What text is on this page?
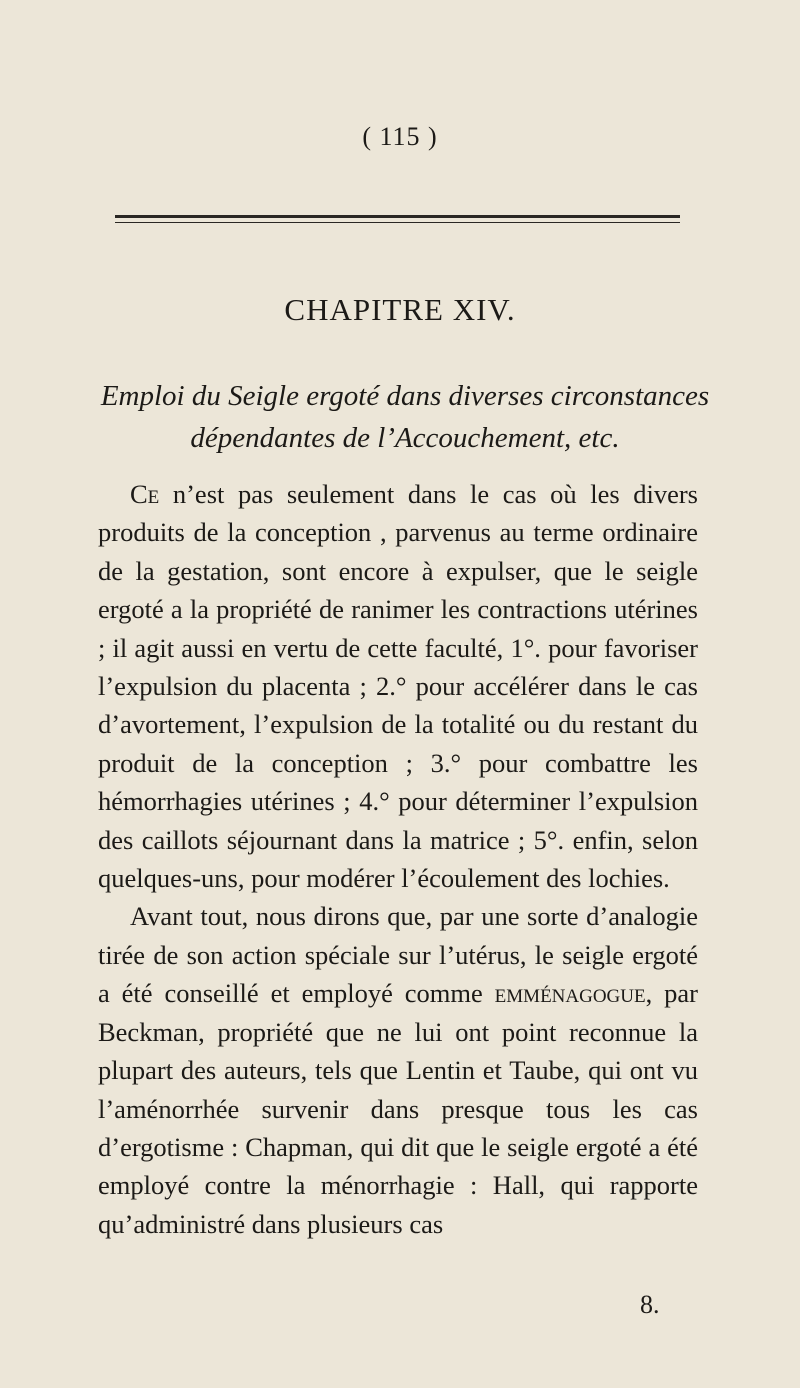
( 115 )
CHAPITRE XIV.
Emploi du Seigle ergoté dans diverses circonstances dépendantes de l’Accouchement, etc.

Ce n’est pas seulement dans le cas où les divers produits de la conception , parvenus au terme ordinaire de la gestation, sont encore à expulser, que le seigle ergoté a la propriété de ranimer les contractions utérines ; il agit aussi en vertu de cette faculté, 1°. pour favoriser l’expulsion du placenta ; 2.° pour accélérer dans le cas d’avortement, l’expulsion de la totalité ou du restant du produit de la conception ; 3.° pour combattre les hémorrhagies utérines ; 4.° pour déterminer l’expulsion des caillots séjournant dans la matrice ; 5°. enfin, selon quelques-uns, pour modérer l’écoulement des lochies.

Avant tout, nous dirons que, par une sorte d’analogie tirée de son action spéciale sur l’utérus, le seigle ergoté a été conseillé et employé comme emménagogue, par Beckman, propriété que ne lui ont point reconnue la plupart des auteurs, tels que Lentin et Taube, qui ont vu l’aménorrhée survenir dans presque tous les cas d’ergotisme : Chapman, qui dit que le seigle ergoté a été employé contre la ménorrhagie : Hall, qui rapporte qu’administré dans plusieurs cas

8.
